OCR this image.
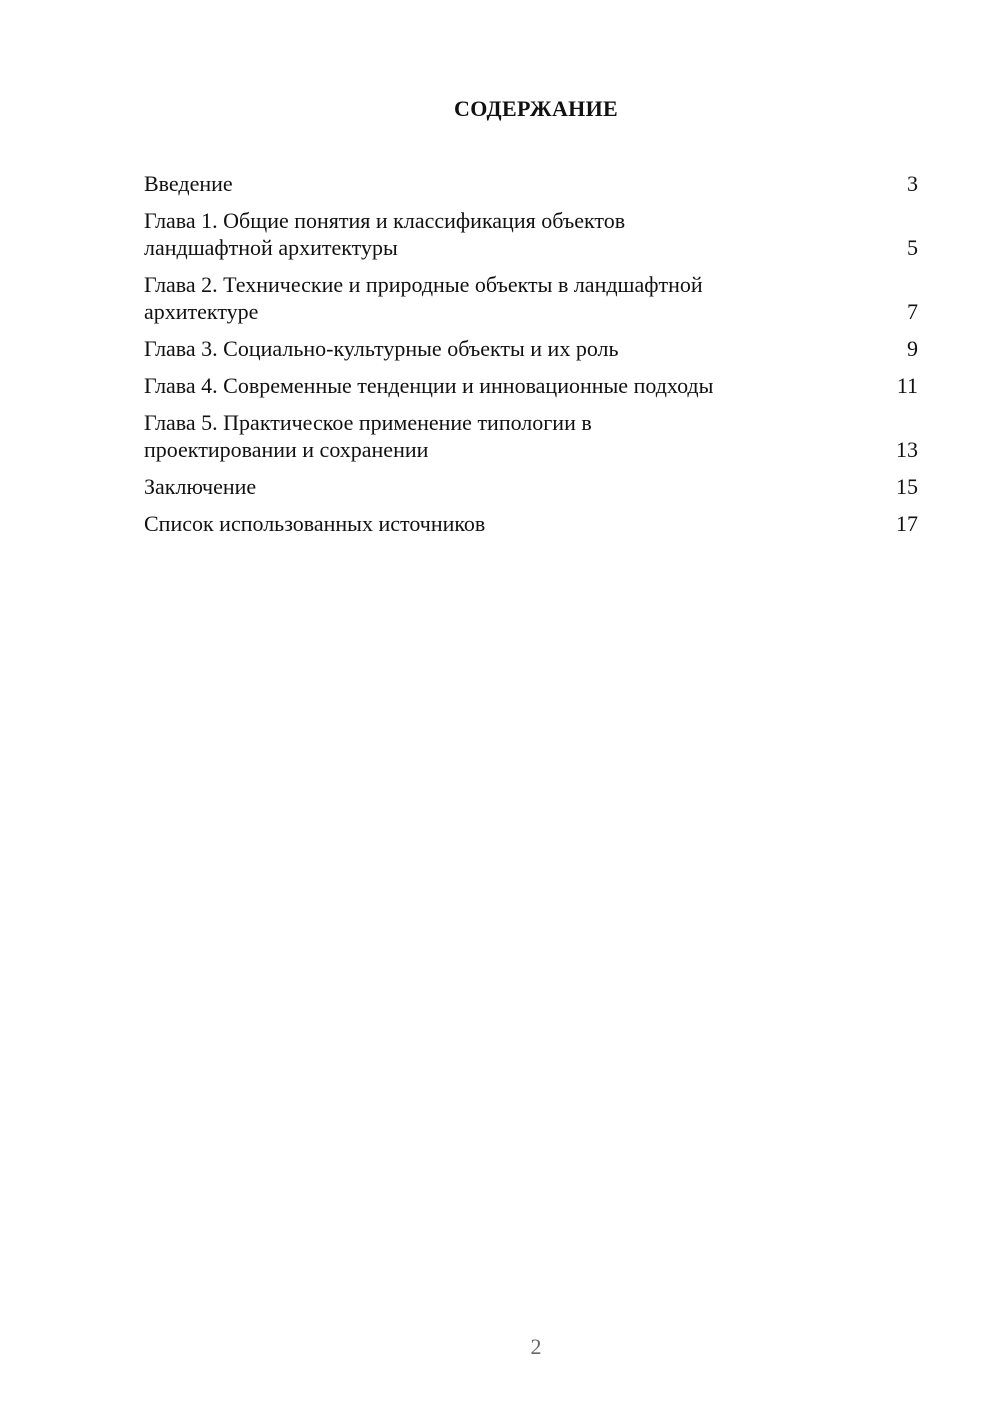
СОДЕРЖАНИЕ
Введение	3
Глава 1. Общие понятия и классификация объектов
ландшафтной архитектуры	5
Глава 2. Технические и природные объекты в ландшафтной
архитектуре	7
Глава 3. Социально-культурные объекты и их роль	9
Глава 4. Современные тенденции и инновационные подходы	11
Глава 5. Практическое применение типологии в
проектировании и сохранении	13
Заключение	15
Список использованных источников	17
2
